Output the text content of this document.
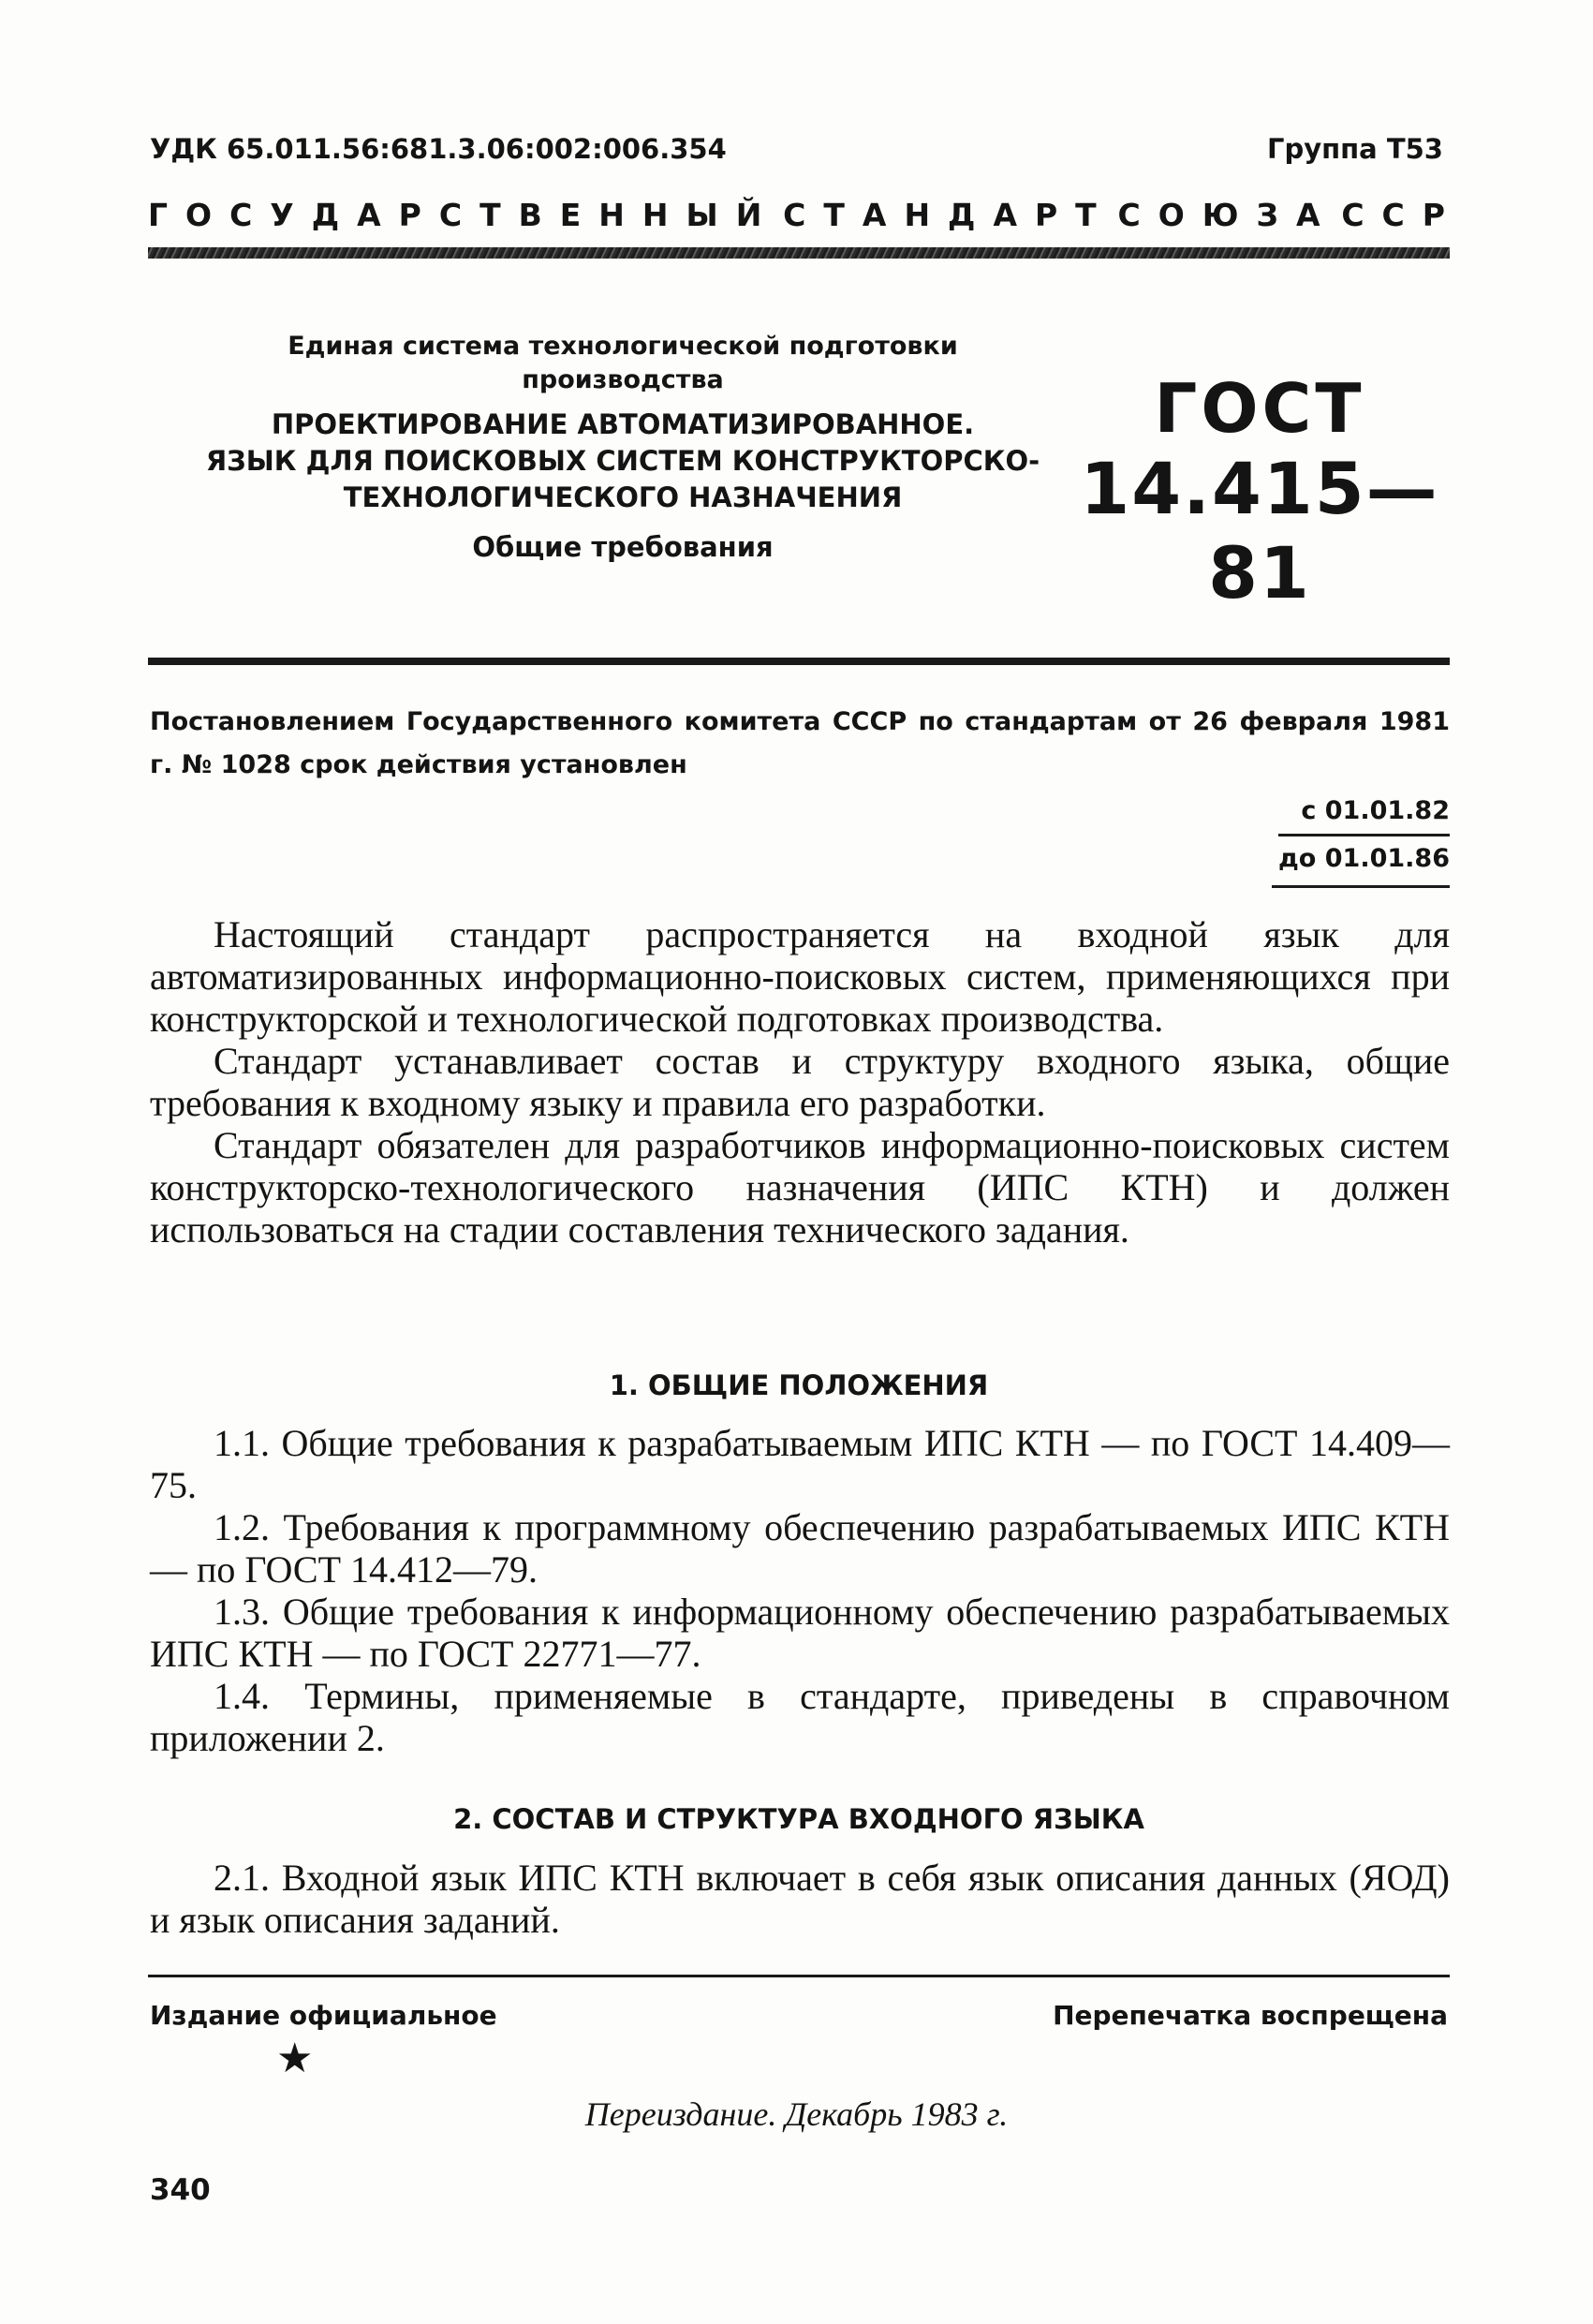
УДК 65.011.56:681.3.06:002:006.354	Группа Т53
ГОСУДАРСТВЕННЫЙ СТАНДАРТ СОЮЗА ССР
Единая система технологической подготовки
производства
ПРОЕКТИРОВАНИЕ АВТОМАТИЗИРОВАННОЕ.
ЯЗЫК ДЛЯ ПОИСКОВЫХ СИСТЕМ КОНСТРУКТОРСКО-
ТЕХНОЛОГИЧЕСКОГО НАЗНАЧЕНИЯ
Общие требования
ГОСТ
14.415—81
Постановлением Государственного комитета СССР по стандартам от 26 февраля 1981 г. № 1028 срок действия установлен
с 01.01.82
до 01.01.86

Настоящий стандарт распространяется на входной язык для автоматизированных информационно-поисковых систем, применяющихся при конструкторской и технологической подготовках производства.

Стандарт устанавливает состав и структуру входного языка, общие требования к входному языку и правила его разработки.

Стандарт обязателен для разработчиков информационно-поисковых систем конструкторско-технологического назначения (ИПС КТН) и должен использоваться на стадии составления технического задания.

1. ОБЩИЕ ПОЛОЖЕНИЯ

1.1. Общие требования к разрабатываемым ИПС КТН — по ГОСТ 14.409—75.

1.2. Требования к программному обеспечению разрабатываемых ИПС КТН — по ГОСТ 14.412—79.

1.3. Общие требования к информационному обеспечению разрабатываемых ИПС КТН — по ГОСТ 22771—77.

1.4. Термины, применяемые в стандарте, приведены в справочном приложении 2.

2. СОСТАВ И СТРУКТУРА ВХОДНОГО ЯЗЫКА

2.1. Входной язык ИПС КТН включает в себя язык описания данных (ЯОД) и язык описания заданий.

Издание официальное	Перепечатка воспрещена
★
Переиздание. Декабрь 1983 г.
340
